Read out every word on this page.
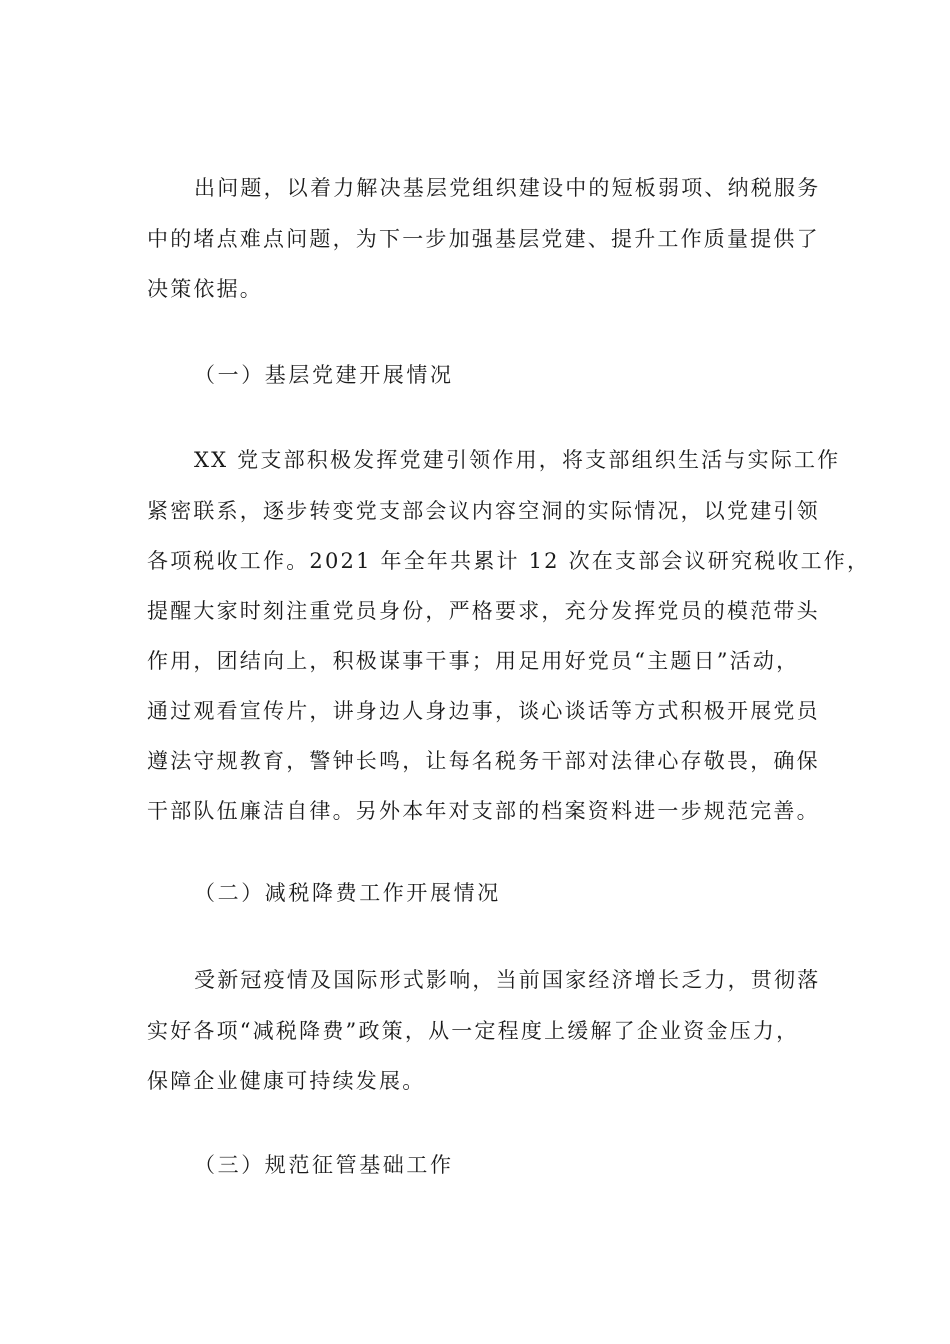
出问题，以着力解决基层党组织建设中的短板弱项、纳税服务
中的堵点难点问题，为下一步加强基层党建、提升工作质量提供了
决策依据。
（一）基层党建开展情况
XX 党支部积极发挥党建引领作用，将支部组织生活与实际工作
紧密联系，逐步转变党支部会议内容空洞的实际情况，以党建引领
各项税收工作。2021 年全年共累计 12 次在支部会议研究税收工作，
提醒大家时刻注重党员身份，严格要求，充分发挥党员的模范带头
作用，团结向上，积极谋事干事；用足用好党员“主题日”活动，
通过观看宣传片，讲身边人身边事，谈心谈话等方式积极开展党员
遵法守规教育，警钟长鸣，让每名税务干部对法律心存敬畏，确保
干部队伍廉洁自律。另外本年对支部的档案资料进一步规范完善。
（二）减税降费工作开展情况
受新冠疫情及国际形式影响，当前国家经济增长乏力，贯彻落
实好各项“减税降费”政策，从一定程度上缓解了企业资金压力，
保障企业健康可持续发展。
（三）规范征管基础工作
